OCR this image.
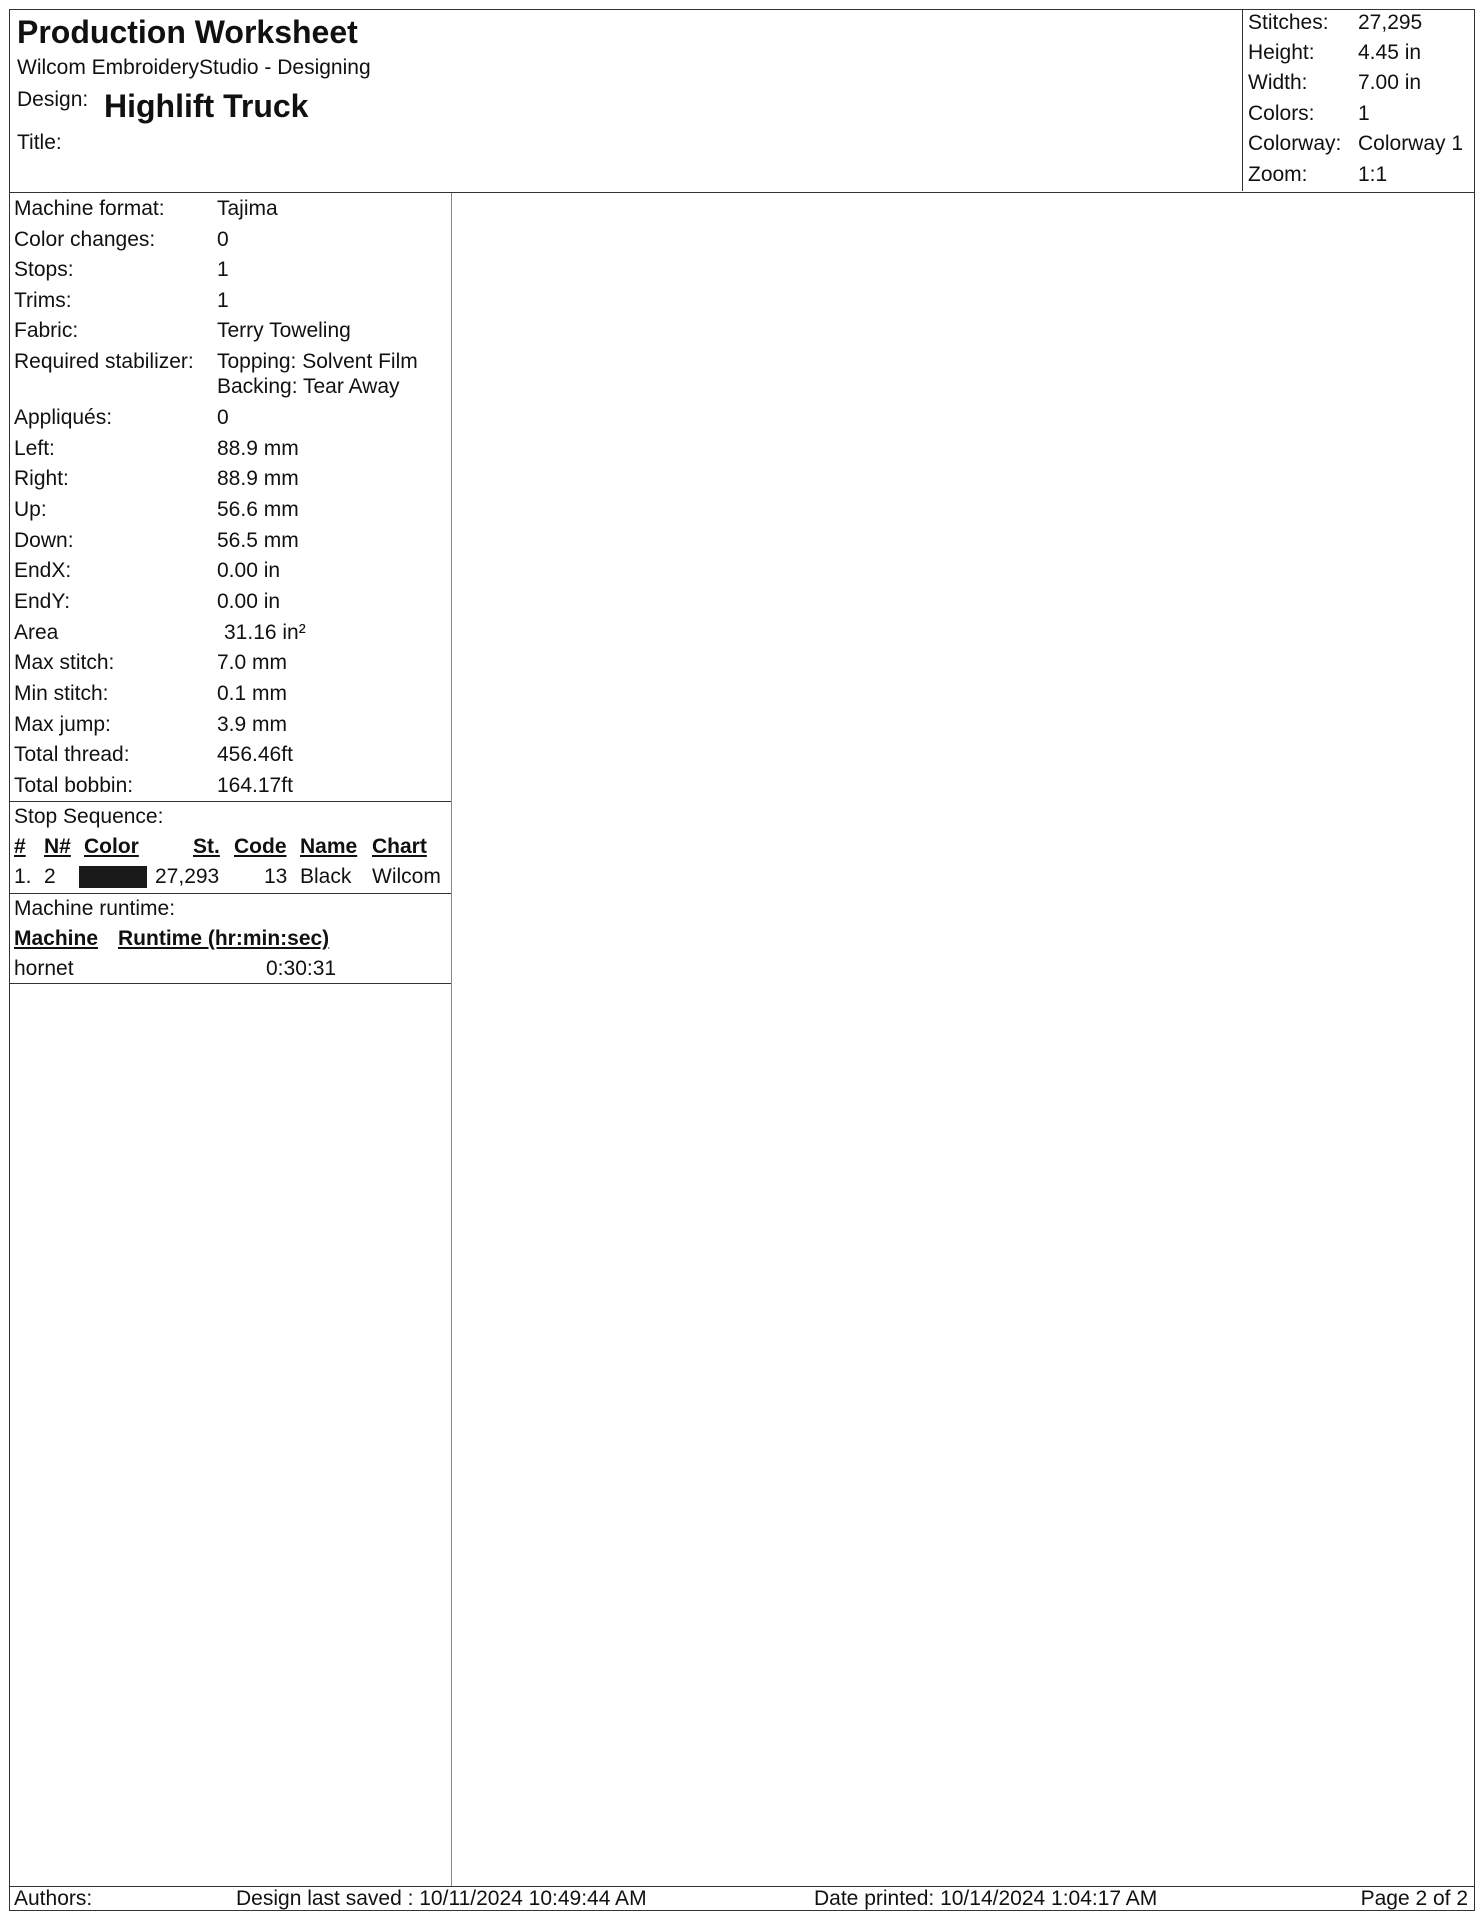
Production Worksheet
Wilcom EmbroideryStudio - Designing
Design: Highlift Truck
Title:
Stitches: 27,295
Height: 4.45 in
Width: 7.00 in
Colors: 1
Colorway: Colorway 1
Zoom: 1:1
Machine format: Tajima
Color changes:	0
Stops:	1
Trims:	1
Fabric:	Terry Toweling
Required stabilizer: Topping: Solvent Film
Backing: Tear Away
Appliqués:	0
Left:	88.9 mm
Right:	88.9 mm
Up:	56.6 mm
Down:	56.5 mm
EndX:	0.00 in
EndY:	0.00 in
Area	31.16 in²
Max stitch:	7.0 mm
Min stitch:	0.1 mm
Max jump:	3.9 mm
Total thread:	456.46ft
Total bobbin:	164.17ft
Stop Sequence:
# N# Color	St. Code Name Chart
1. 2	27,293 13 Black Wilcom
Machine runtime:
Machine Runtime (hr:min:sec)
hornet	0:30:31
Authors:	Design last saved : 10/11/2024 10:49:44 AM	Date printed: 10/14/2024 1:04:17 AM	Page 2 of 2
